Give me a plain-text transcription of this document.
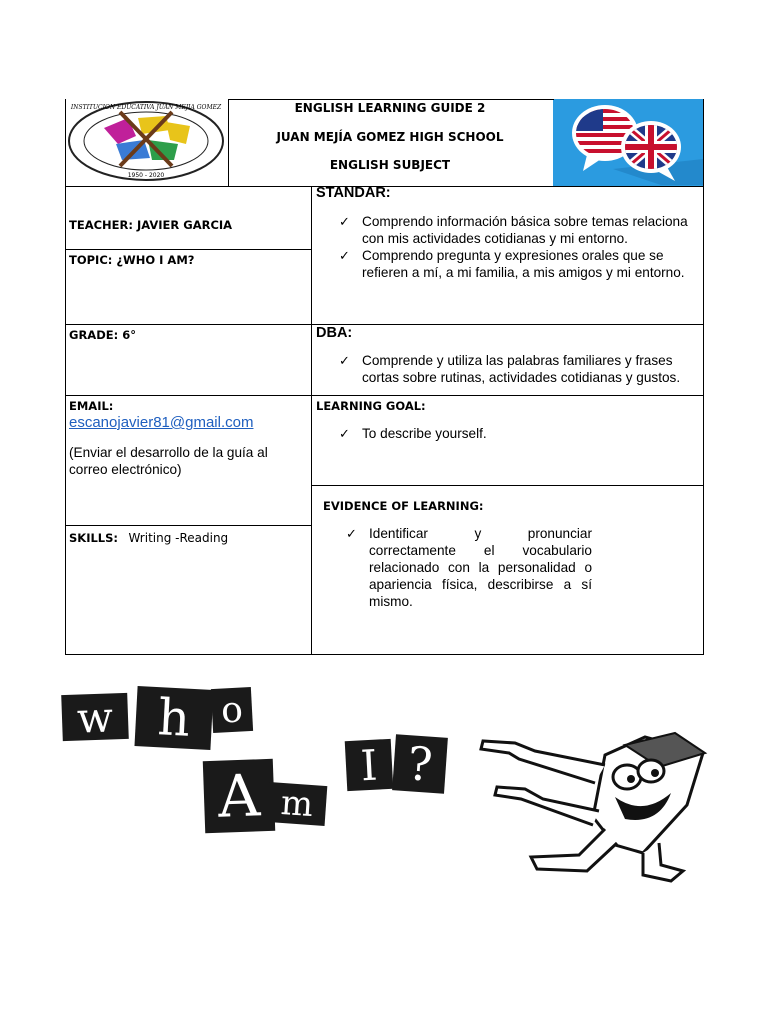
INSTITUCION EDUCATIVA JUAN MEJIA GOMEZ
1950 - 2020
ENGLISH LEARNING GUIDE 2
JUAN MEJÍA GOMEZ HIGH SCHOOL
ENGLISH SUBJECT
TEACHER: JAVIER GARCIA
TOPIC: ¿WHO I AM?
GRADE: 6°
EMAIL:
escanojavier81@gmail.com
(Enviar el desarrollo de la guía al correo electrónico)
SKILLS: Writing -Reading
STANDAR:
✓ Comprendo información básica sobre temas relaciona con mis actividades cotidianas y mi entorno.
✓ Comprendo pregunta y expresiones orales que se refieren a mí, a mi familia, a mis amigos y mi entorno.
DBA:
✓ Comprende y utiliza las palabras familiares y frases cortas sobre rutinas, actividades cotidianas y gustos.
LEARNING GOAL:
✓ To describe yourself.
EVIDENCE OF LEARNING:
✓ Identificar y pronunciar correctamente el vocabulario relacionado con la personalidad o apariencia física, describirse a sí mismo.
w h o
A m
I ?
